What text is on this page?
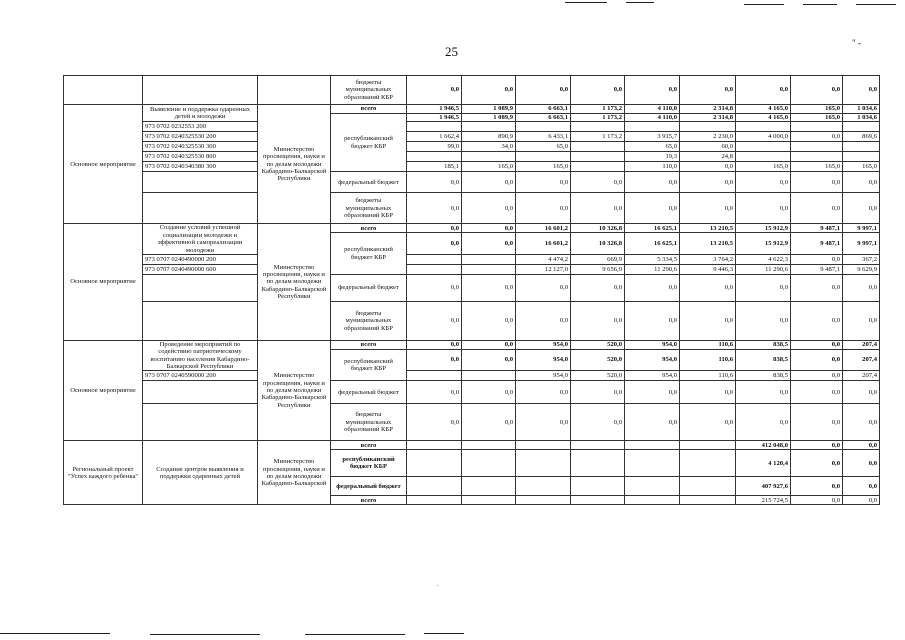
25
" -
.
			бюджеты муниципальных образований КБР	0,0	0,0	0,0	0,0	0,0	0,0	0,0	0,0	0,0
Основное мероприятие	Выявление и поддержка одаренных детей и молодежи	Министерство просвещения, науки и по делам молодежи Кабардино-Балкарской Республики	всего	1 946,5	1 089,9	6 663,1	1 173,2	4 110,0	2 314,8	4 165,0	165,0	1 034,6
			республиканский бюджет КБР	1 946,5	1 089,9	6 663,1	1 173,2	4 110,0	2 314,8	4 165,0	165,0	1 034,6
	973 0702 0232553 200											
	973 0702 0240325530 200			1 662,4	890,9	6 433,1	1 173,2	3 915,7	2 230,0	4 000,0	0,0	869,6
	973 0702 0240325530 300			99,0	34,0	65,0		65,0	60,0			
	973 0702 0240325530 800							19,3	24,8			
	973 0702 0240340380 300			185,1	165,0	165,0		110,0	0,0	165,0	165,0	165,0
			федеральный бюджет	0,0	0,0	0,0	0,0	0,0	0,0	0,0	0,0	0,0
			бюджеты муниципальных образований КБР	0,0	0,0	0,0	0,0	0,0	0,0	0,0	0,0	0,0
Основное мероприятие	Создание условий успешной социализации молодежи и эффективной самореализации молодежи	Министерство просвещения, науки и по делам молодежи Кабардино-Балкарской Республики	всего	0,0	0,0	16 601,2	10 326,8	16 625,1	13 210,5	15 912,9	9 487,1	9 997,1
			республиканский бюджет КБР	0,0	0,0	16 601,2	10 326,8	16 625,1	13 210,5	15 912,9	9 487,1	9 997,1
	973 0707 0240490000 200					4 474,2	669,9	5 334,5	3 764,2	4 622,3	0,0	367,2
	973 0707 0240490000 600					12 127,0	9 656,9	11 290,6	9 446,3	11 290,6	9 487,1	9 629,9
			федеральный бюджет	0,0	0,0	0,0	0,0	0,0	0,0	0,0	0,0	0,0
			бюджеты муниципальных образований КБР	0,0	0,0	0,0	0,0	0,0	0,0	0,0	0,0	0,0
Основное мероприятие	Проведение мероприятий по содействию патриотическому воспитанию населения Кабардино-Балкарской Республики	Министерство просвещения, науки и по делам молодежи Кабардино-Балкарской Республики	всего	0,0	0,0	954,0	520,0	954,0	110,6	838,5	0,0	207,4
			республиканский бюджет КБР	0,0	0,0	954,0	520,0	954,0	110,6	838,5	0,0	207,4
	973 0707 0240590000 200					954,0	520,0	954,0	110,6	838,5	0,0	207,4
			федеральный бюджет	0,0	0,0	0,0	0,0	0,0	0,0	0,0	0,0	0,0
			бюджеты муниципальных образований КБР	0,0	0,0	0,0	0,0	0,0	0,0	0,0	0,0	0,0
Региональный проект "Успех каждого ребенка"	Создание центров выявления и поддержки одаренных детей	Министерство просвещения, науки и по делам молодежи Кабардино-Балкарской	всего							412 048,0	0,0	0,0
			республиканский бюджет КБР							4 120,4	0,0	0,0
			федеральный бюджет							407 927,6	0,0	0,0
			всего							215 724,5	0,0	0,0
